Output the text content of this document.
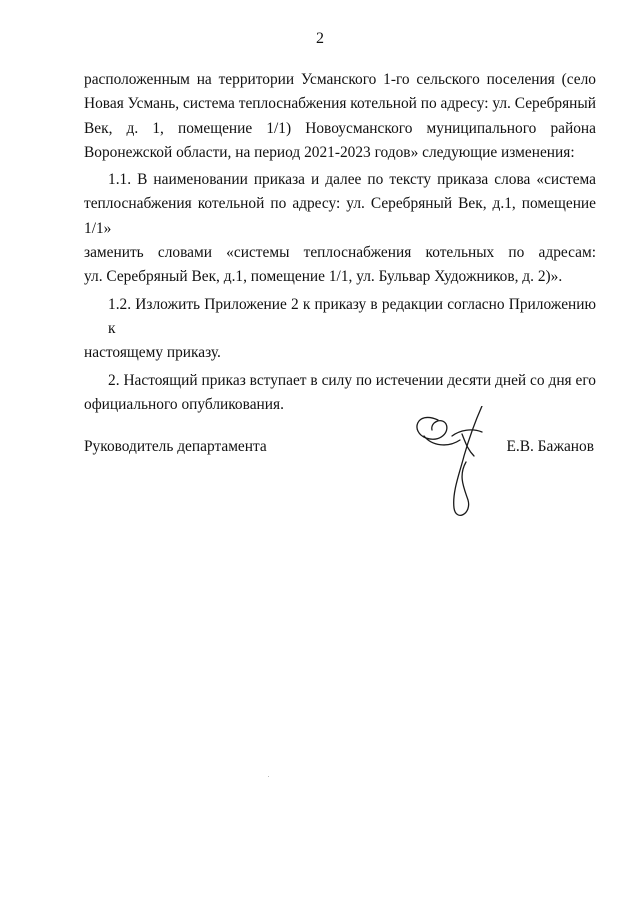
2
расположенным на территории Усманского 1-го сельского поселения (село
Новая Усмань, система теплоснабжения котельной по адресу: ул. Серебряный
Век, д. 1, помещение 1/1) Новоусманского муниципального района
Воронежской области, на период 2021-2023 годов» следующие изменения:
1.1. В наименовании приказа и далее по тексту приказа слова «система
теплоснабжения котельной по адресу: ул. Серебряный Век, д.1, помещение 1/1»
заменить словами «системы теплоснабжения котельных по адресам:
ул. Серебряный Век, д.1, помещение 1/1, ул. Бульвар Художников, д. 2)».
1.2. Изложить Приложение 2 к приказу в редакции согласно Приложению к
настоящему приказу.
2. Настоящий приказ вступает в силу по истечении десяти дней со дня его
официального опубликования.
Руководитель департамента	Е.В. Бажанов
